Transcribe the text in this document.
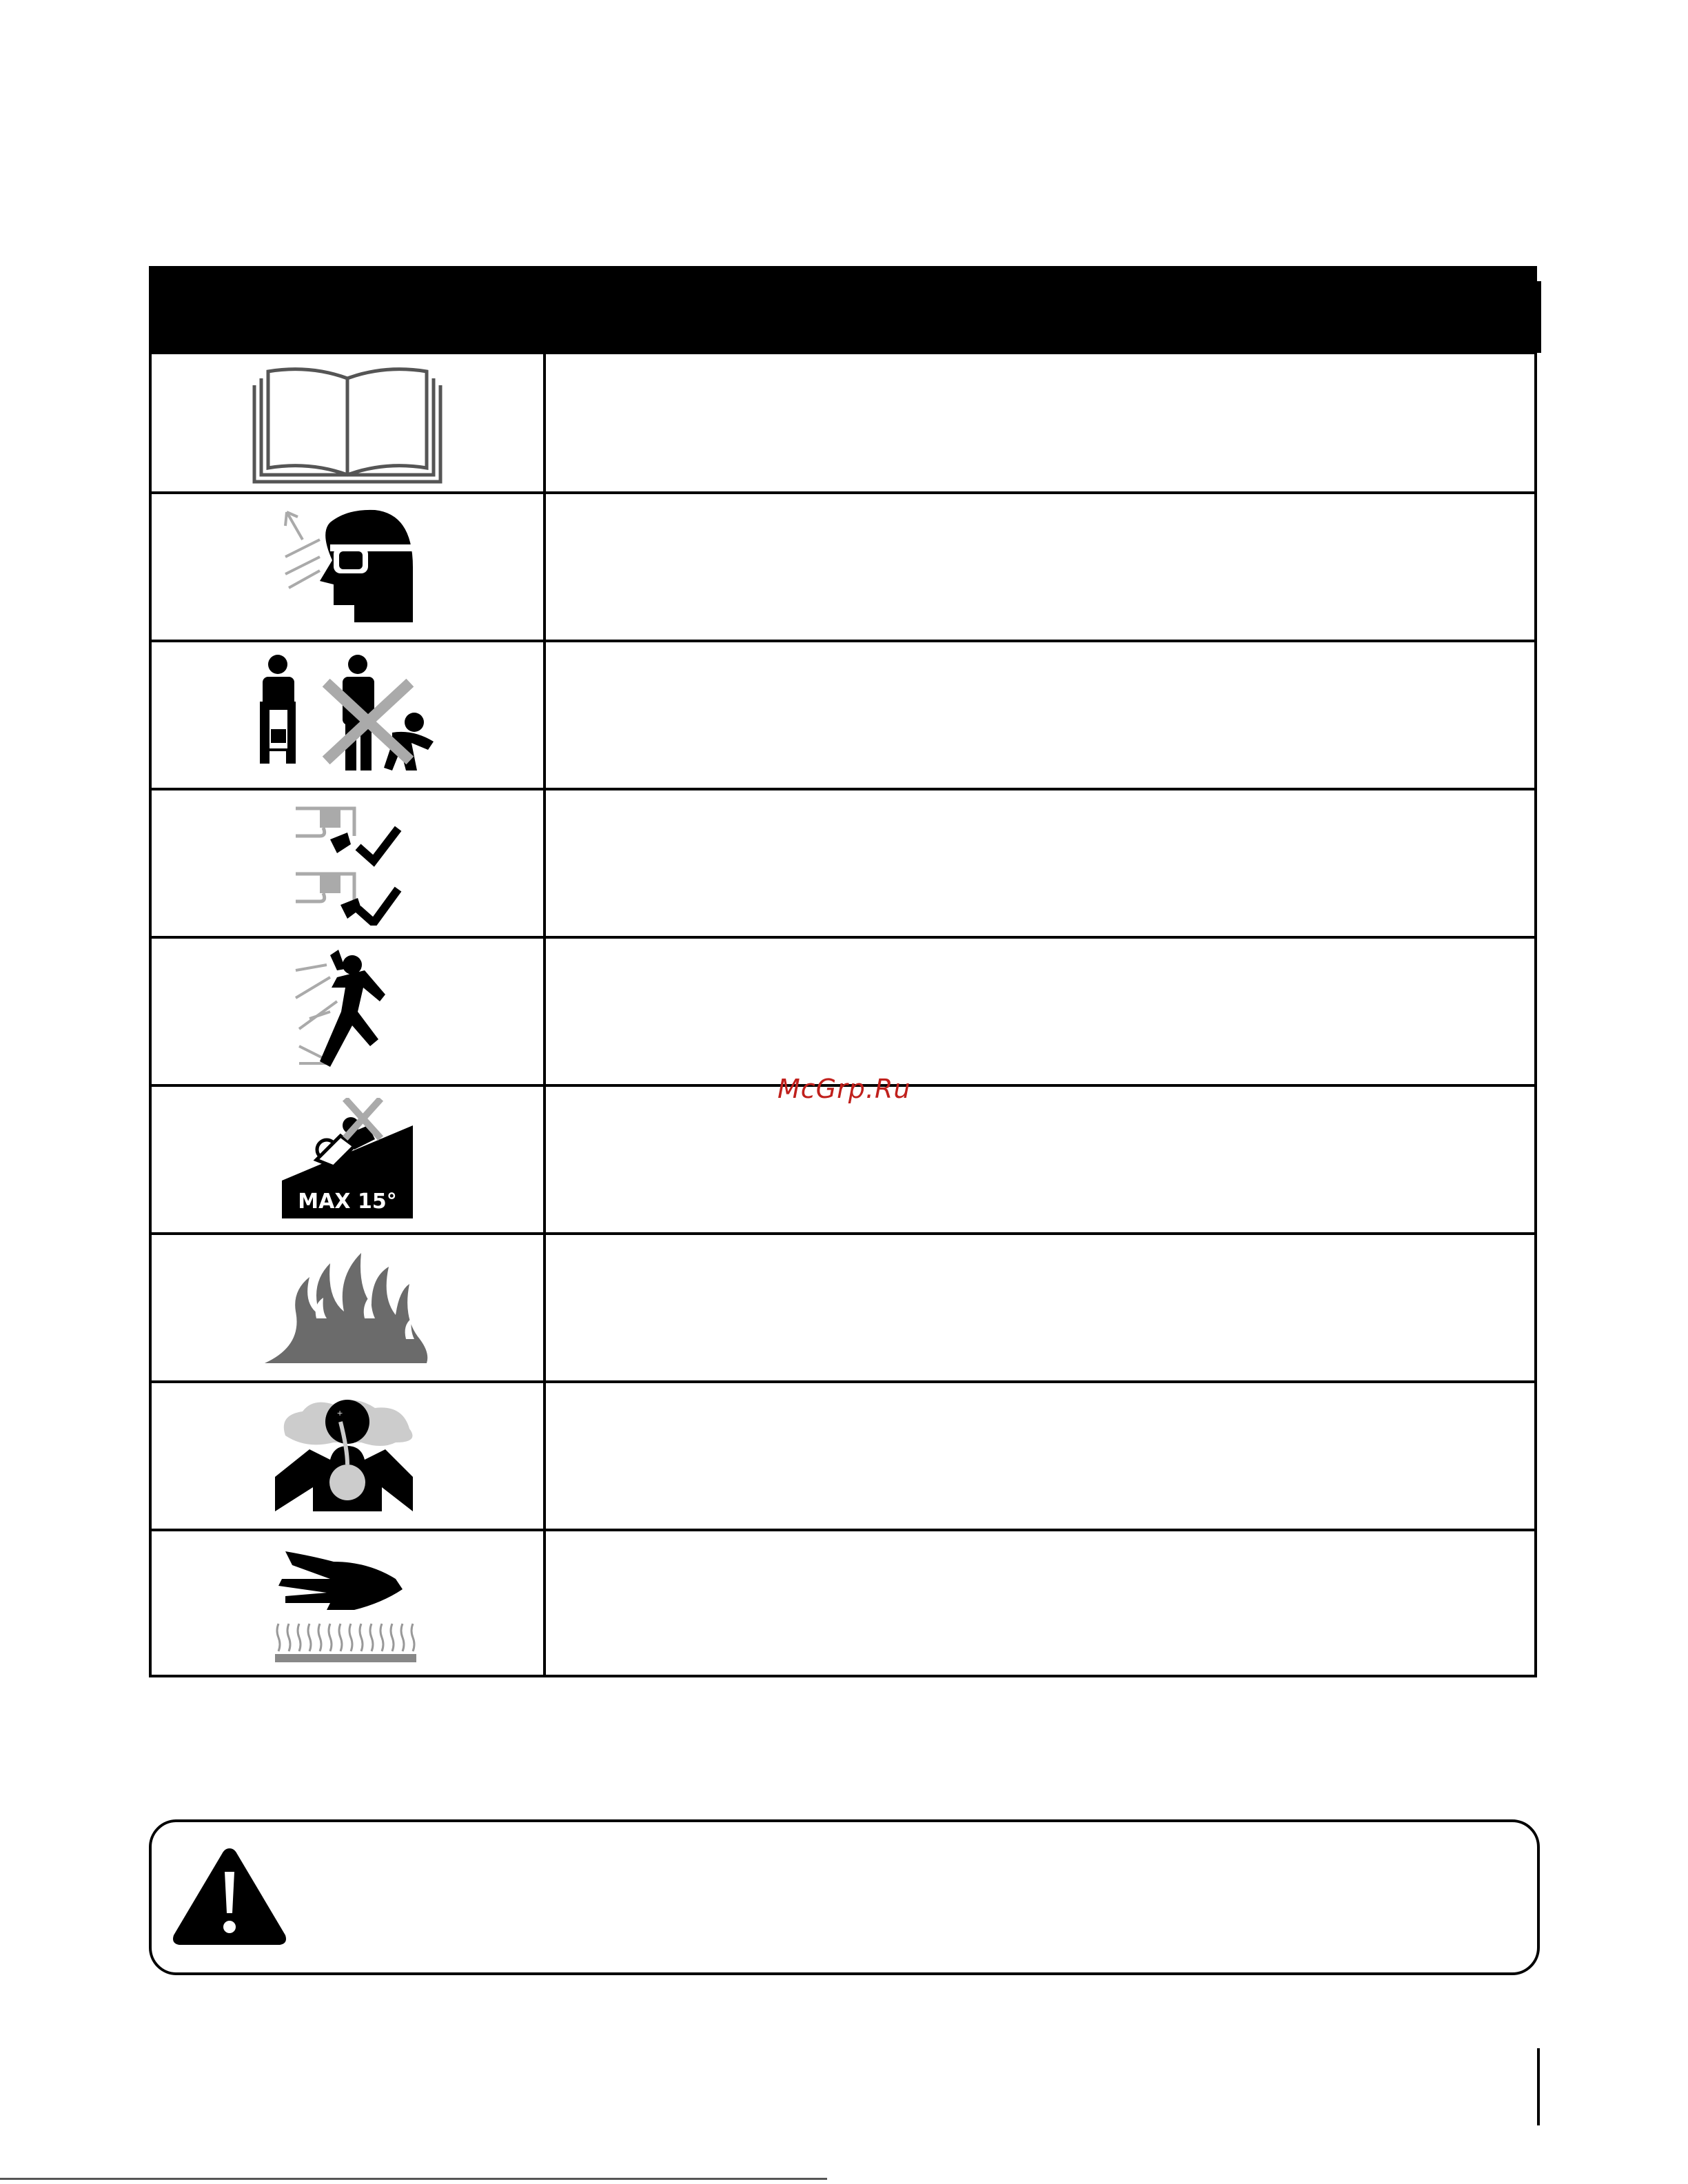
MAX 15°
+
McGrp.Ru
